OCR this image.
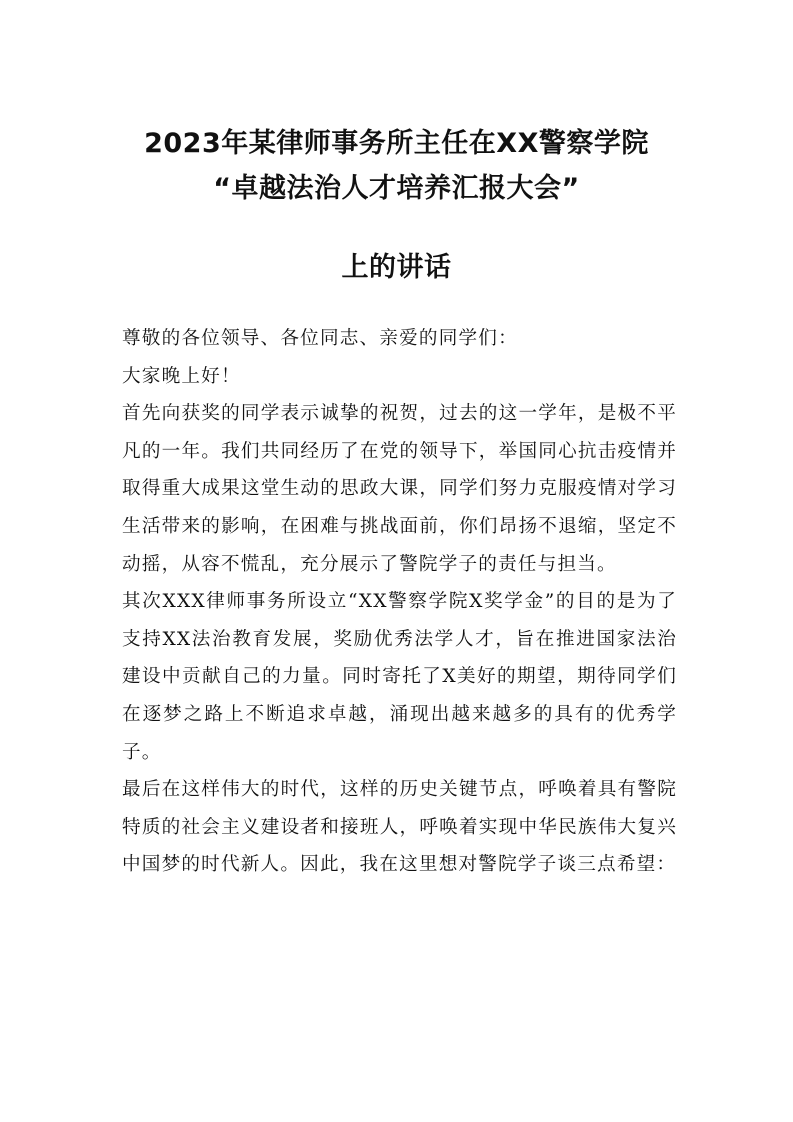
2023年某律师事务所主任在XX警察学院
“卓越法治人才培养汇报大会”
上的讲话

尊敬的各位领导、各位同志、亲爱的同学们：

大家晚上好！

首先向获奖的同学表示诚挚的祝贺，过去的这一学年，是极不平凡的一年。我们共同经历了在党的领导下，举国同心抗击疫情并取得重大成果这堂生动的思政大课，同学们努力克服疫情对学习生活带来的影响，在困难与挑战面前，你们昂扬不退缩，坚定不动摇，从容不慌乱，充分展示了警院学子的责任与担当。

其次XXX律师事务所设立“XX警察学院X奖学金”的目的是为了支持XX法治教育发展，奖励优秀法学人才，旨在推进国家法治建设中贡献自己的力量。同时寄托了X美好的期望，期待同学们在逐梦之路上不断追求卓越，涌现出越来越多的具有的优秀学子。

最后在这样伟大的时代，这样的历史关键节点，呼唤着具有警院特质的社会主义建设者和接班人，呼唤着实现中华民族伟大复兴中国梦的时代新人。因此，我在这里想对警院学子谈三点希望：
